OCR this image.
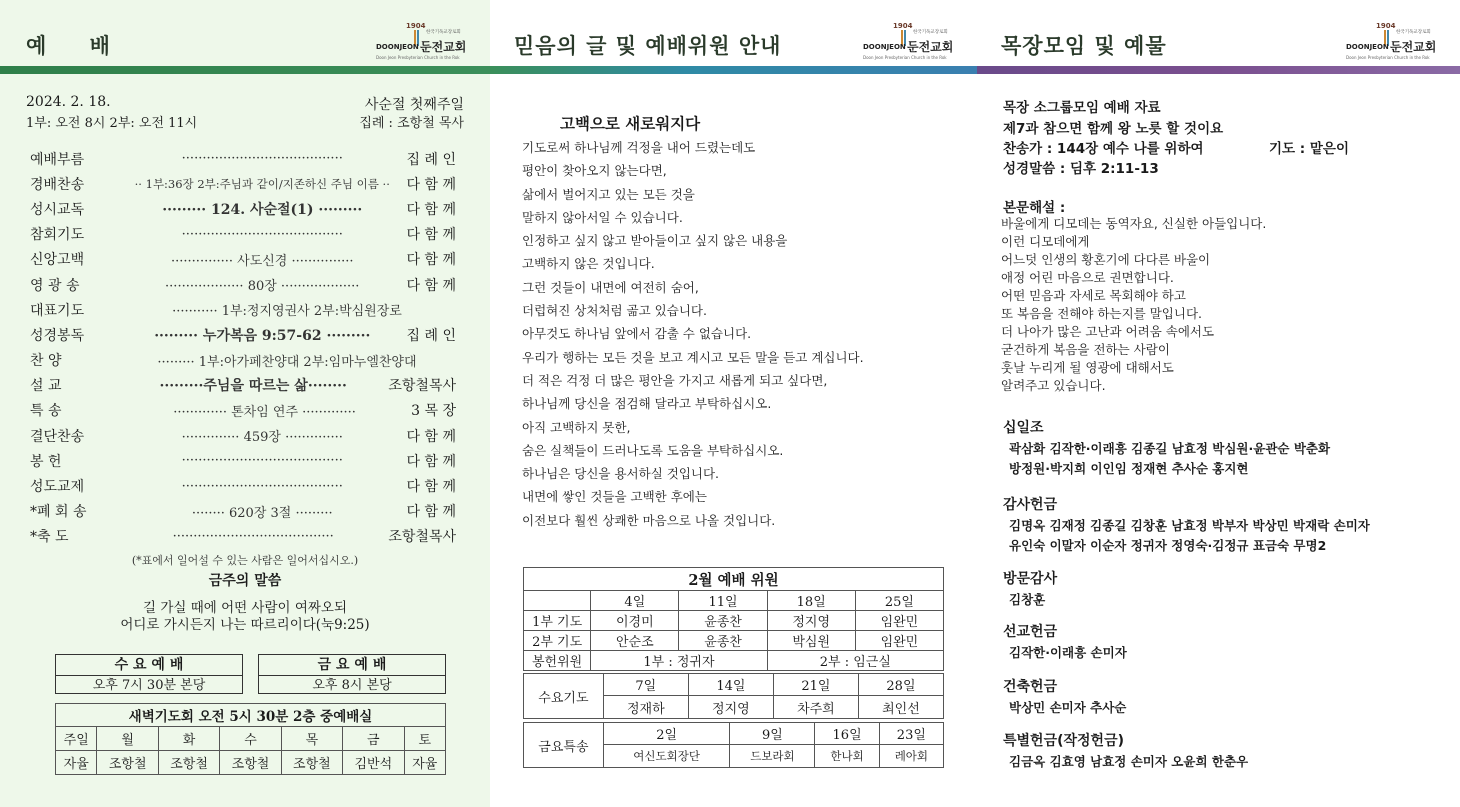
예 배
1904
한국기독교장로회
DOONJEON 둔전교회
Doon Jeon Presbyterian Church in the Rok
2024. 2. 18.
1부: 오전 8시 2부: 오전 11시
사순절 첫째주일
집례 : 조항철 목사
예배부름	·······································	집 례 인
경배찬송	·· 1부:36장 2부:주님과 같이/지존하신 주님 이름 ··	다 함 께
성시교독	········· 124. 사순절(1) ·········	다 함 께
참회기도	·······································	다 함 께
신앙고백	··············· 사도신경 ···············	다 함 께
영 광 송	··················· 80장 ···················	다 함 께
대표기도	··········· 1부:정지영권사 2부:박심원장로
성경봉독	········· 누가복음 9:57-62 ·········	집 례 인
찬 양	········· 1부:아가페찬양대 2부:임마누엘찬양대
설 교	·········주님을 따르는 삶········	조항철목사
특 송	············· 톤차임 연주 ·············	3 목 장
결단찬송	·············· 459장 ··············	다 함 께
봉 헌	·······································	다 함 께
성도교제	·······································	다 함 께
*폐 회 송	········ 620장 3절 ·········	다 함 께
*축 도	·······································	조항철목사
(*표에서 일어설 수 있는 사람은 일어서십시오.)
금주의 말씀
길 가실 때에 어떤 사람이 여짜오되
어디로 가시든지 나는 따르리이다(눅9:25)
수 요 예 배
오후 7시 30분 본당
금 요 예 배
오후 8시 본당
새벽기도회 오전 5시 30분 2층 중예배실						
주일	월	화	수	목	금	토
자율	조항철	조항철	조항철	조항철	김반석	자율
믿음의 글 및 예배위원 안내
1904
한국기독교장로회
DOONJEON 둔전교회
Doon Jeon Presbyterian Church in the Rok
고백으로 새로워지다
기도로써 하나님께 걱정을 내어 드렸는데도
평안이 찾아오지 않는다면,
삶에서 벌어지고 있는 모든 것을
말하지 않아서일 수 있습니다.
인정하고 싶지 않고 받아들이고 싶지 않은 내용을
고백하지 않은 것입니다.
그런 것들이 내면에 여전히 숨어,
더럽혀진 상처처럼 곪고 있습니다.
아무것도 하나님 앞에서 감출 수 없습니다.
우리가 행하는 모든 것을 보고 계시고 모든 말을 듣고 계십니다.
더 적은 걱정 더 많은 평안을 가지고 새롭게 되고 싶다면,
하나님께 당신을 점검해 달라고 부탁하십시오.
아직 고백하지 못한,
숨은 실책들이 드러나도록 도움을 부탁하십시오.
하나님은 당신을 용서하실 것입니다.
내면에 쌓인 것들을 고백한 후에는
이전보다 훨씬 상쾌한 마음으로 나올 것입니다.
2월 예배 위원				
	4일	11일	18일	25일
1부 기도	이경미	윤종찬	정지영	임완민
2부 기도	안순조	윤종찬	박심원	임완민
봉헌위원	1부 : 정귀자		2부 : 임근실	
수요기도	7일	14일	21일	28일
	정재하	정지영	차주희	최인선
금요특송	2일	9일	16일	23일
	여신도회장단	드보라회	한나회	레아회
목장모임 및 예물
1904
한국기독교장로회
DOONJEON 둔전교회
Doon Jeon Presbyterian Church in the Rok
목장 소그룹모임 예배 자료
제7과 참으면 함께 왕 노릇 할 것이요
찬송가 : 144장 예수 나를 위하여	기도 : 맡은이
성경말씀 : 딤후 2:11-13
본문해설 :
바울에게 디모데는 동역자요, 신실한 아들입니다.
이런 디모데에게
어느덧 인생의 황혼기에 다다른 바울이
애정 어린 마음으로 권면합니다.
어떤 믿음과 자세로 목회해야 하고
또 복음을 전해야 하는지를 말입니다.
더 나아가 많은 고난과 어려움 속에서도
굳건하게 복음을 전하는 사람이
훗날 누리게 될 영광에 대해서도
알려주고 있습니다.
십일조
곽삼화 김작한·이래흥 김종길 남효정 박심원·윤관순 박춘화
방정원·박지희 이인임 정재현 추사순 홍지현
감사헌금
김명옥 김재정 김종길 김창훈 남효정 박부자 박상민 박재락 손미자
유인숙 이말자 이순자 정귀자 정영숙·김정규 표금숙 무명2
방문감사
김창훈
선교헌금
김작한·이래흥 손미자
건축헌금
박상민 손미자 추사순
특별헌금(작정헌금)
김금옥 김효영 남효정 손미자 오윤희 한춘우
